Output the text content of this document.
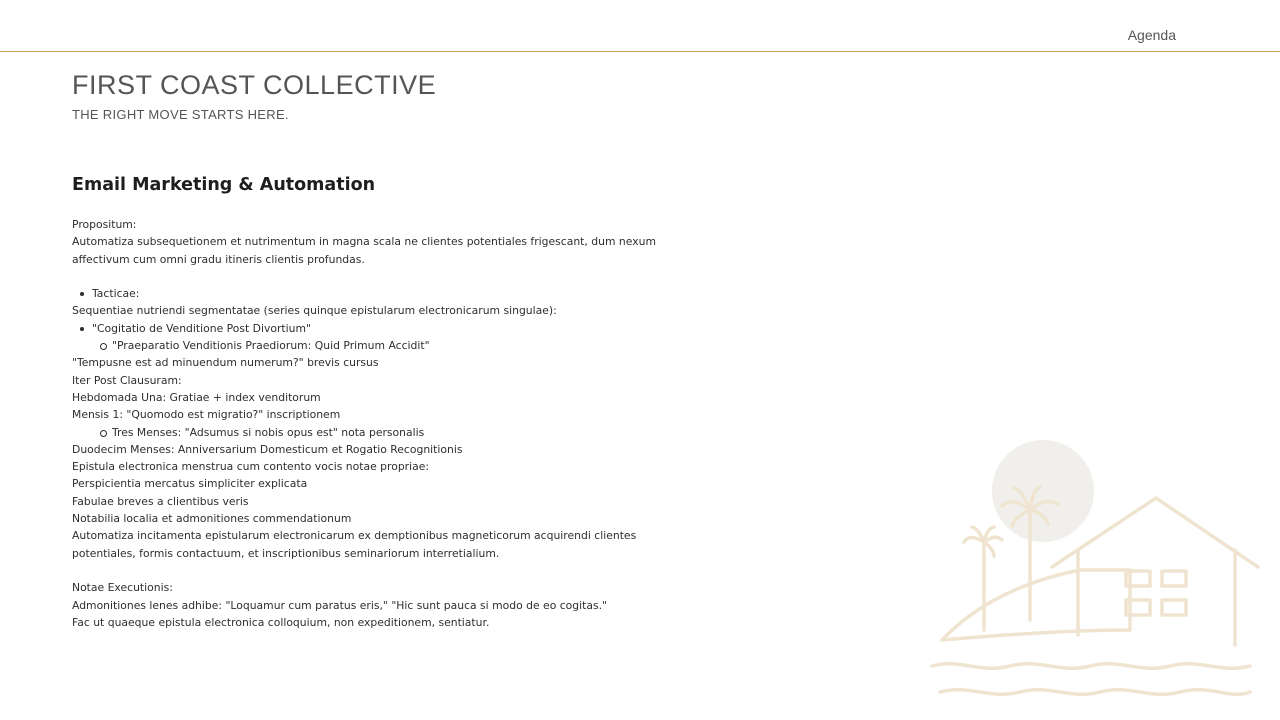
Agenda
FIRST COAST COLLECTIVE
THE RIGHT MOVE STARTS HERE.
Email Marketing & Automation
Propositum:
Automatiza subsequetionem et nutrimentum in magna scala ne clientes potentiales frigescant, dum nexum
affectivum cum omni gradu itineris clientis profundas.
Tacticae:
Sequentiae nutriendi segmentatae (series quinque epistularum electronicarum singulae):
"Cogitatio de Venditione Post Divortium"
"Praeparatio Venditionis Praediorum: Quid Primum Accidit"
"Tempusne est ad minuendum numerum?" brevis cursus
Iter Post Clausuram:
Hebdomada Una: Gratiae + index venditorum
Mensis 1: "Quomodo est migratio?" inscriptionem
Tres Menses: "Adsumus si nobis opus est" nota personalis
Duodecim Menses: Anniversarium Domesticum et Rogatio Recognitionis
Epistula electronica menstrua cum contento vocis notae propriae:
Perspicientia mercatus simpliciter explicata
Fabulae breves a clientibus veris
Notabilia localia et admonitiones commendationum
Automatiza incitamenta epistularum electronicarum ex demptionibus magneticorum acquirendi clientes
potentiales, formis contactuum, et inscriptionibus seminariorum interretialium.
Notae Executionis:
Admonitiones lenes adhibe: "Loquamur cum paratus eris," "Hic sunt pauca si modo de eo cogitas."
Fac ut quaeque epistula electronica colloquium, non expeditionem, sentiatur.
